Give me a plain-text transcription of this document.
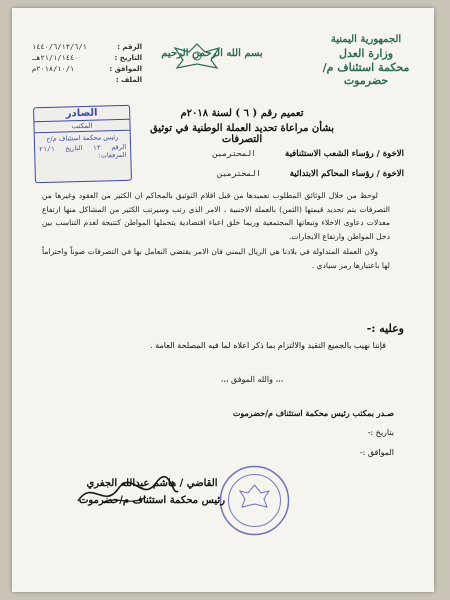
الجمهورية اليمنية
وزارة العدل
محكمة استئناف م/حضرموت
بسم الله الرحمن الرحيم
الرقم :
١٤٤٠/٦/١٣/٦/١
التاريخ :
٢١/١/١٤٤٠هـ
الموافق :
٢٠١٨/١٠/١م
الملف :
الصادر
المكتب
رئيس محكمة استئناف م/ح
الرقم
١٣
التاريخ
٢١/١
المرفقات:
تعميم رقم ( ٦ ) لسنة ٢٠١٨م
بشأن مراعاة تحديد العملة الوطنية في توثيق التصرفات
الاخوة / رؤساء الشعب الاستئنافية المحترمين
الاخوة / رؤساء المحاكم الابتدائية المحترمين

لوحظ من خلال الوثائق المطلوب تعميدها من قبل اقلام التوثيق بالمحاكم ان الكثير من العقود وغيرها من التصرفات يتم تحديد قيمتها (الثمن) بالعملة الاجنبية ، الامر الذي رتب وسيرتب الكثير من المشاكل منها ارتفاع معدلات دعاوى الاخلاء وتبعاتها المجتمعية وربما خلق اعباء اقتصادية يتحملها المواطن كنتيجة لعدم التناسب بين دخل المواطن وارتفاع الايجارات.

ولان العملة المتداولة في بلادنا هي الريال اليمني فان الامر يقتضي التعامل بها في التصرفات صوناً واحتراماً لها باعتبارها رمز سيادي .

وعليه :-
فإننا نهيب بالجميع التقيد والالتزام بما ذكر اعلاه لما فيه المصلحة العامة .
،،، والله الموفق ،،،
صـدر بمكتب رئيس محكمة استئناف م/حضرموت
بتاريخ :-
الموافق :-
القاضي / هاشم عبدالله الجفري
رئيس محكمة استئناف م/حضرموت
